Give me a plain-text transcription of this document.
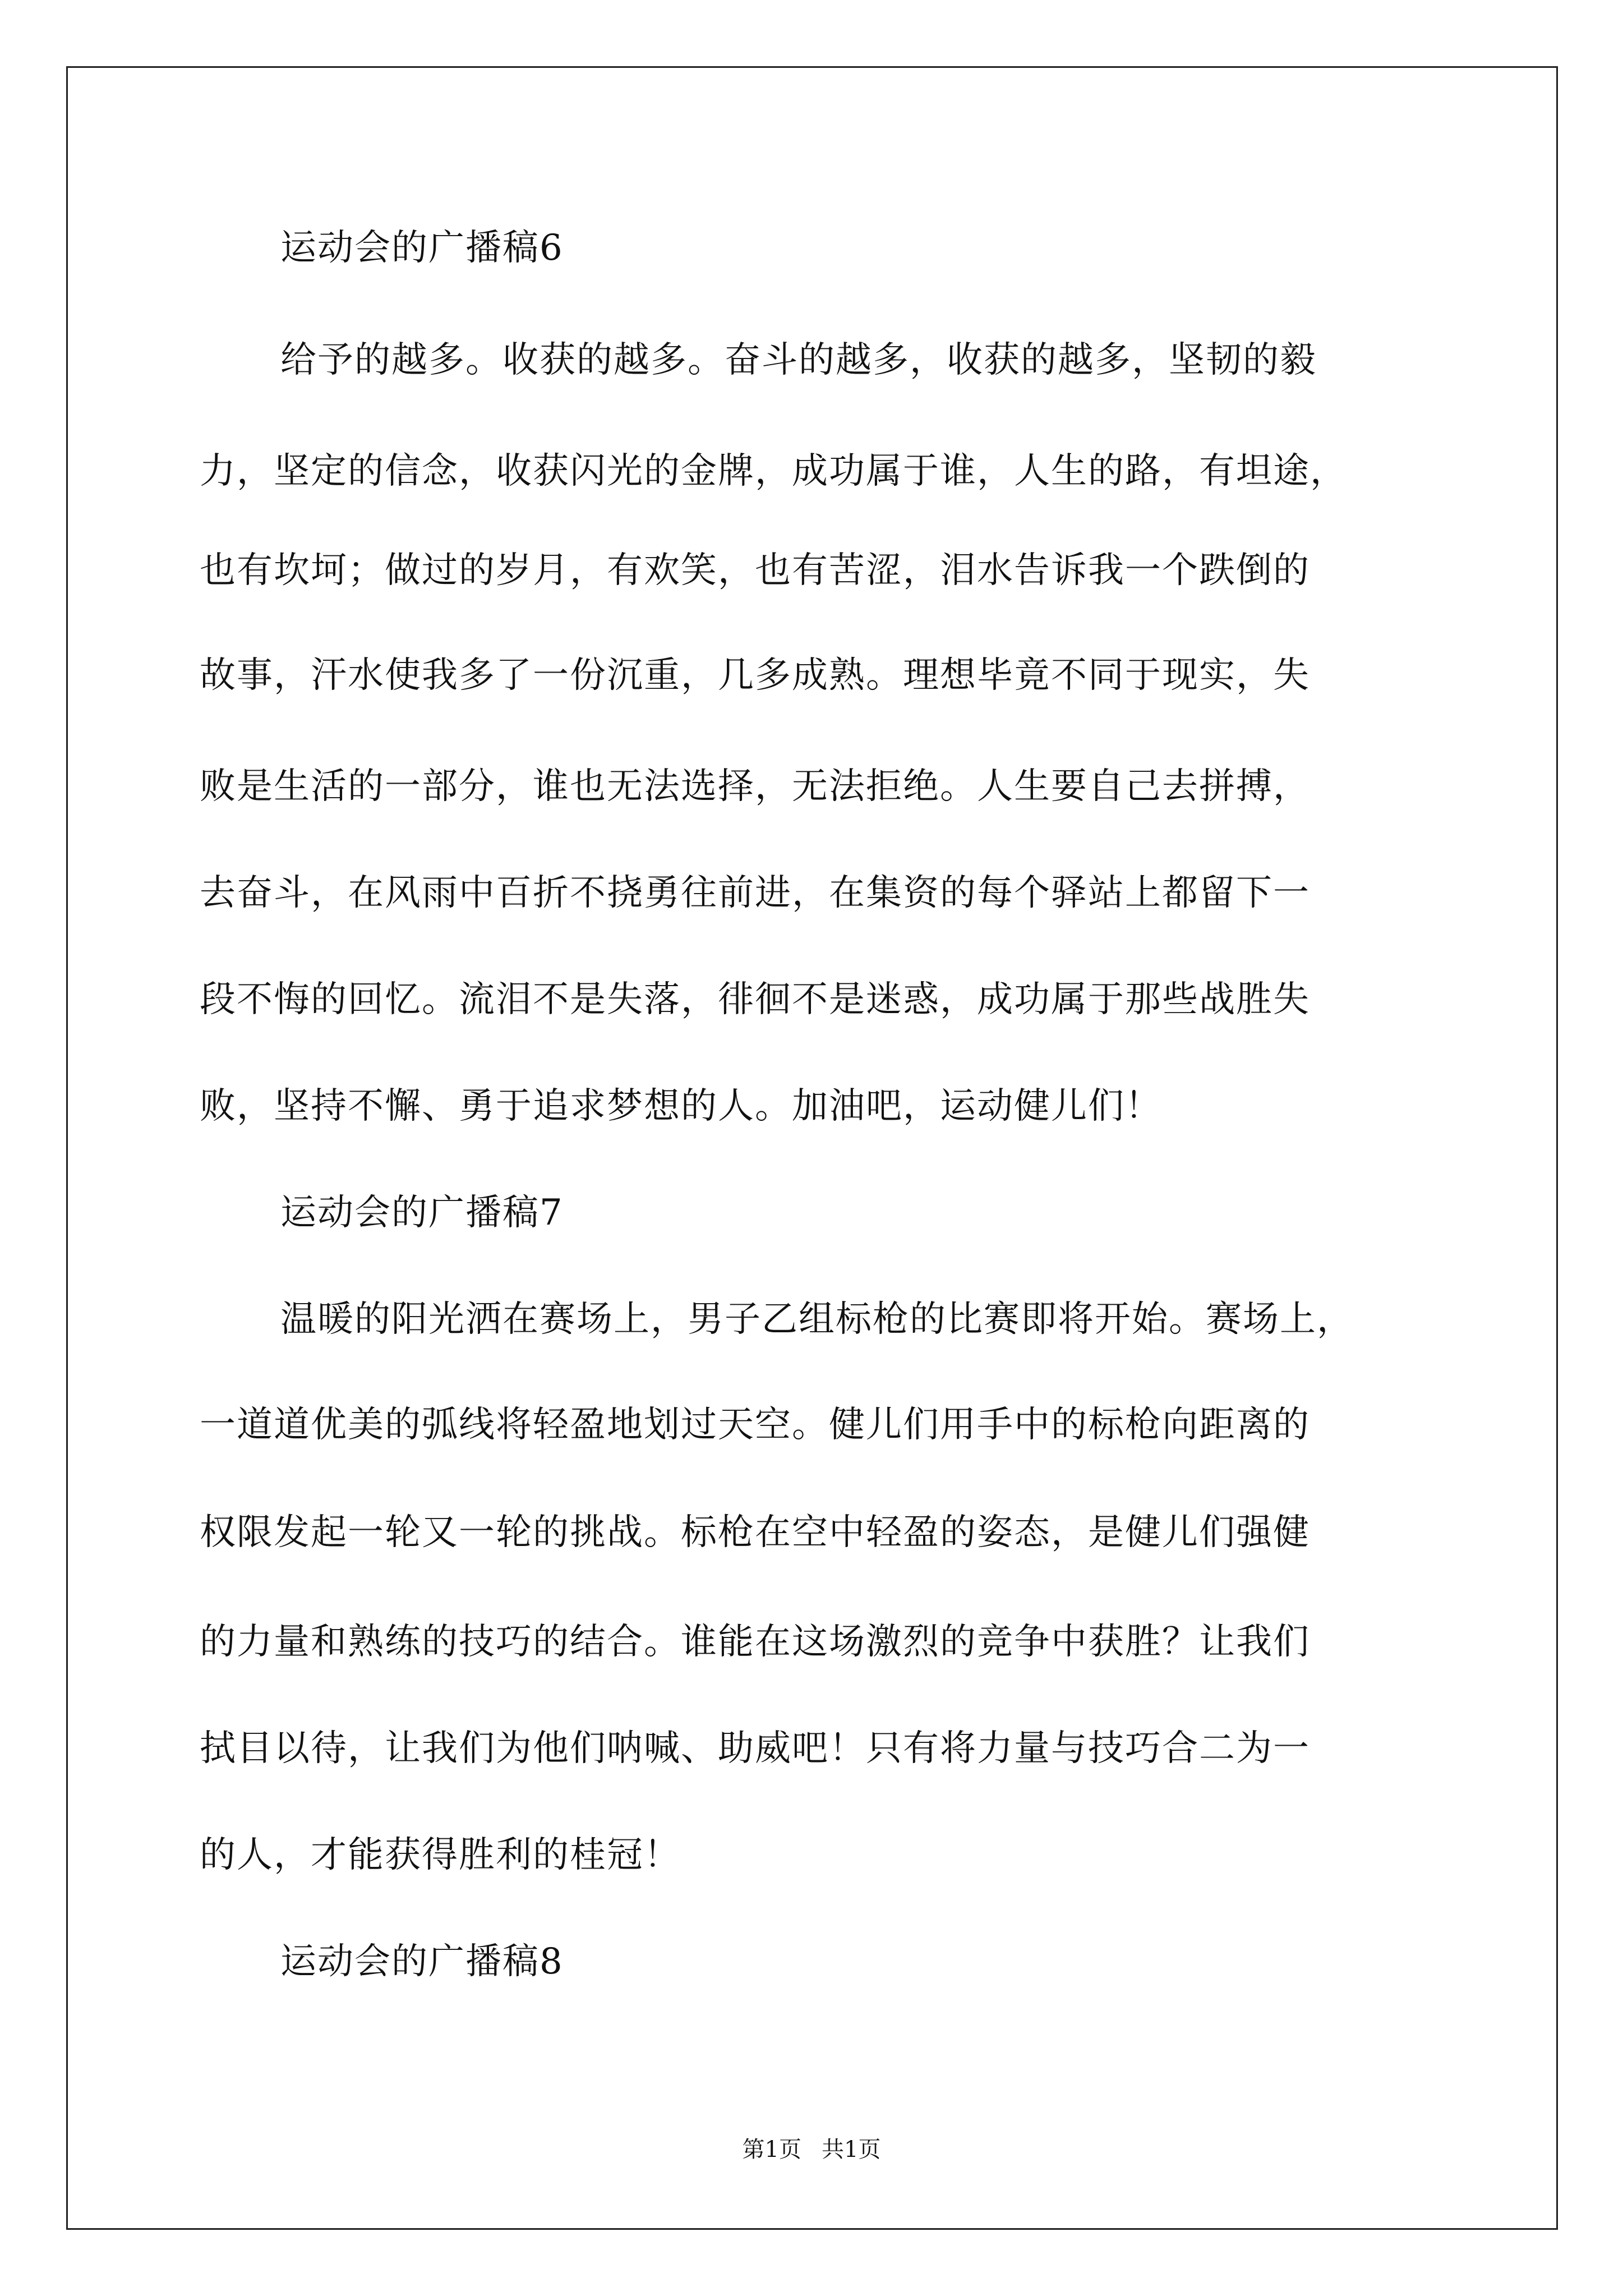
运动会的广播稿6
给予的越多。收获的越多。奋斗的越多，收获的越多，坚韧的毅
力，坚定的信念，收获闪光的金牌，成功属于谁，人生的路，有坦途，
也有坎坷；做过的岁月，有欢笑，也有苦涩，泪水告诉我一个跌倒的
故事，汗水使我多了一份沉重，几多成熟。理想毕竟不同于现实，失
败是生活的一部分，谁也无法选择，无法拒绝。人生要自己去拼搏，
去奋斗，在风雨中百折不挠勇往前进，在集资的每个驿站上都留下一
段不悔的回忆。流泪不是失落，徘徊不是迷惑，成功属于那些战胜失
败，坚持不懈、勇于追求梦想的人。加油吧，运动健儿们！
运动会的广播稿7
温暖的阳光洒在赛场上，男子乙组标枪的比赛即将开始。赛场上，
一道道优美的弧线将轻盈地划过天空。健儿们用手中的标枪向距离的
权限发起一轮又一轮的挑战。标枪在空中轻盈的姿态，是健儿们强健
的力量和熟练的技巧的结合。谁能在这场激烈的竞争中获胜？让我们
拭目以待，让我们为他们呐喊、助威吧！只有将力量与技巧合二为一
的人，才能获得胜利的桂冠！
运动会的广播稿8
第1页 共1页
